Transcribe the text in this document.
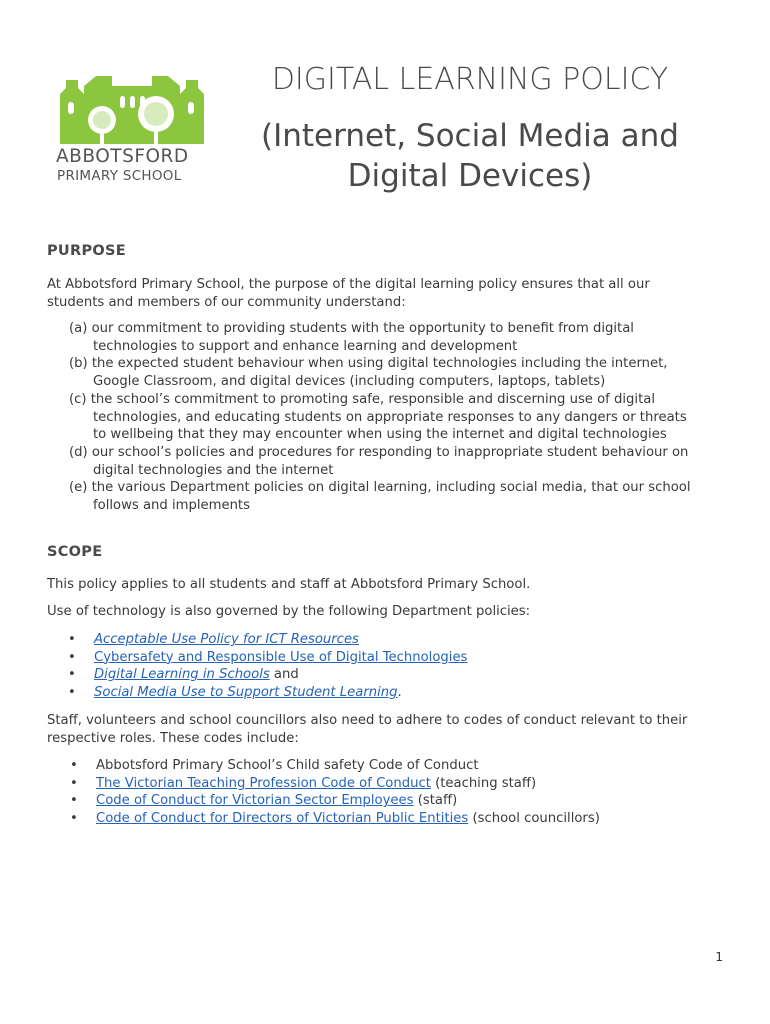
ABBOTSFORD
PRIMARY SCHOOL
DIGITAL LEARNING POLICY
(Internet, Social Media and
Digital Devices)
PURPOSE

At Abbotsford Primary School, the purpose of the digital learning policy ensures that all our
students and members of our community understand:

(a) our commitment to providing students with the opportunity to benefit from digital
technologies to support and enhance learning and development
(b) the expected student behaviour when using digital technologies including the internet,
Google Classroom, and digital devices (including computers, laptops, tablets)
(c) the school’s commitment to promoting safe, responsible and discerning use of digital
technologies, and educating students on appropriate responses to any dangers or threats
to wellbeing that they may encounter when using the internet and digital technologies
(d) our school’s policies and procedures for responding to inappropriate student behaviour on
digital technologies and the internet
(e) the various Department policies on digital learning, including social media, that our school
follows and implements
SCOPE

This policy applies to all students and staff at Abbotsford Primary School.

Use of technology is also governed by the following Department policies:

• Acceptable Use Policy for ICT Resources
• Cybersafety and Responsible Use of Digital Technologies
• Digital Learning in Schools and
• Social Media Use to Support Student Learning.

Staff, volunteers and school councillors also need to adhere to codes of conduct relevant to their
respective roles. These codes include:

• Abbotsford Primary School’s Child safety Code of Conduct
• The Victorian Teaching Profession Code of Conduct (teaching staff)
• Code of Conduct for Victorian Sector Employees (staff)
• Code of Conduct for Directors of Victorian Public Entities (school councillors)
1
